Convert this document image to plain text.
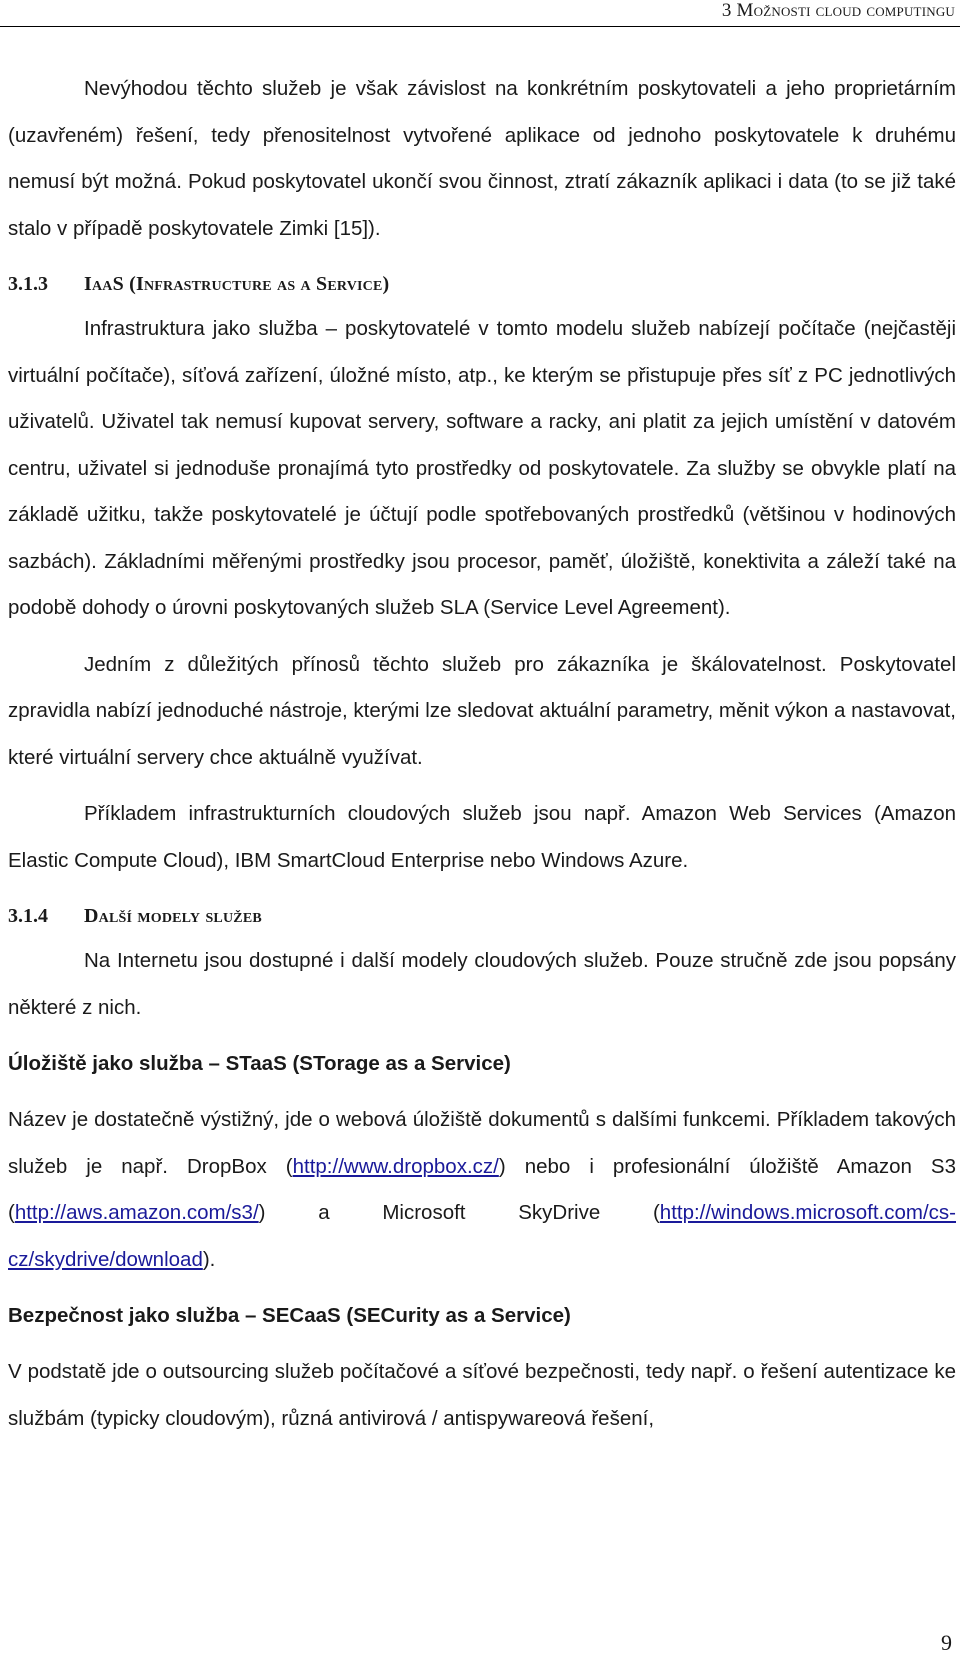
3 Možnosti cloud computingu

Nevýhodou těchto služeb je však závislost na konkrétním poskytovateli a jeho proprietárním (uzavřeném) řešení, tedy přenositelnost vytvořené aplikace od jednoho poskytovatele k druhému nemusí být možná. Pokud poskytovatel ukončí svou činnost, ztratí zákazník aplikaci i data (to se již také stalo v případě poskytovatele Zimki [15]).

3.1.3 IaaS (Infrastructure as a Service)

Infrastruktura jako služba – poskytovatelé v tomto modelu služeb nabízejí počítače (nejčastěji virtuální počítače), síťová zařízení, úložné místo, atp., ke kterým se přistupuje přes síť z PC jednotlivých uživatelů. Uživatel tak nemusí kupovat servery, software a racky, ani platit za jejich umístění v datovém centru, uživatel si jednoduše pronajímá tyto prostředky od poskytovatele. Za služby se obvykle platí na základě užitku, takže poskytovatelé je účtují podle spotřebovaných prostředků (většinou v hodinových sazbách). Základními měřenými prostředky jsou procesor, paměť, úložiště, konektivita a záleží také na podobě dohody o úrovni poskytovaných služeb SLA (Service Level Agreement).

Jedním z důležitých přínosů těchto služeb pro zákazníka je škálovatelnost. Poskytovatel zpravidla nabízí jednoduché nástroje, kterými lze sledovat aktuální parametry, měnit výkon a nastavovat, které virtuální servery chce aktuálně využívat.

Příkladem infrastrukturních cloudových služeb jsou např. Amazon Web Services (Amazon Elastic Compute Cloud), IBM SmartCloud Enterprise nebo Windows Azure.

3.1.4 Další modely služeb

Na Internetu jsou dostupné i další modely cloudových služeb. Pouze stručně zde jsou popsány některé z nich.

Úložiště jako služba – STaaS (STorage as a Service)

Název je dostatečně výstižný, jde o webová úložiště dokumentů s dalšími funkcemi. Příkladem takových služeb je např. DropBox (http://www.dropbox.cz/) nebo i profesionální úložiště Amazon S3 (http://aws.amazon.com/s3/) a Microsoft SkyDrive (http://windows.microsoft.com/cs-cz/skydrive/download).

Bezpečnost jako služba – SECaaS (SECurity as a Service)

V podstatě jde o outsourcing služeb počítačové a síťové bezpečnosti, tedy např. o řešení autentizace ke službám (typicky cloudovým), různá antivirová / antispywareová řešení,

9
